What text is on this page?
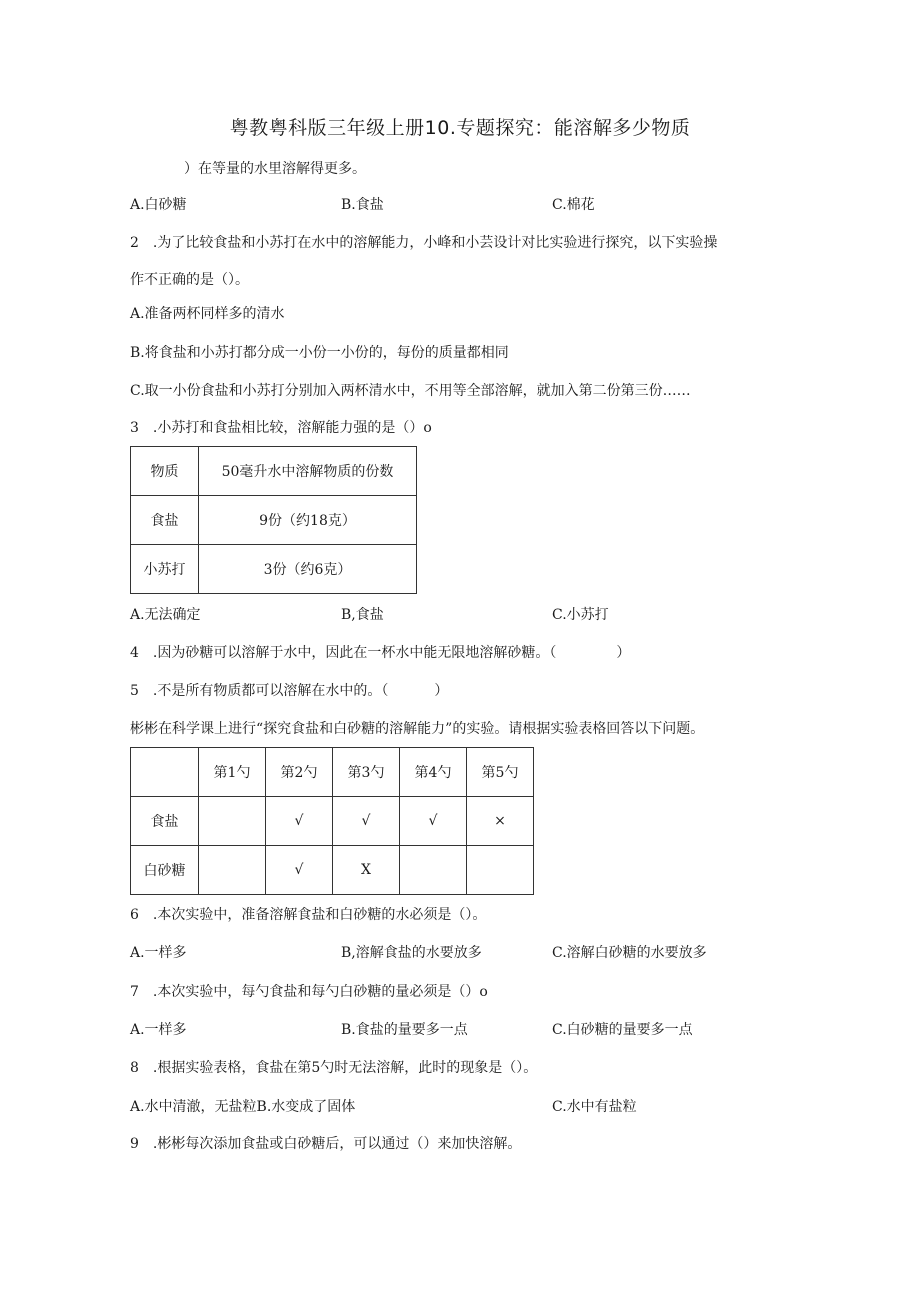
粤教粤科版三年级上册10.专题探究：能溶解多少物质
）在等量的水里溶解得更多。
A.白砂糖	B.食盐	C.棉花
2　.为了比较食盐和小苏打在水中的溶解能力，小峰和小芸设计对比实验进行探究，以下实验操
作不正确的是（）。
A.准备两杯同样多的清水
B.将食盐和小苏打都分成一小份一小份的，每份的质量都相同
C.取一小份食盐和小苏打分别加入两杯清水中，不用等全部溶解，就加入第二份第三份……
3　.小苏打和食盐相比较，溶解能力强的是（）o
物质	50毫升水中溶解物质的份数
食盐	9份（约18克）
小苏打	3份（约6克）
A.无法确定	B,食盐	C.小苏打
4　.因为砂糖可以溶解于水中，因此在一杯水中能无限地溶解砂糖。（	）
5　.不是所有物质都可以溶解在水中的。（	）
彬彬在科学课上进行“探究食盐和白砂糖的溶解能力”的实验。请根据实验表格回答以下问题。
	第1勺	第2勺	第3勺	第4勺	第5勺
食盐		√	√	√	×
白砂糖		√	X		
6　.本次实验中，准备溶解食盐和白砂糖的水必须是（）。
A.一样多	B,溶解食盐的水要放多	C.溶解白砂糖的水要放多
7　.本次实验中，每勺食盐和每勺白砂糖的量必须是（）o
A.一样多	B.食盐的量要多一点	C.白砂糖的量要多一点
8　.根据实验表格，食盐在第5勺时无法溶解，此时的现象是（）。
A.水中清澈，无盐粒B.水变成了固体	C.水中有盐粒
9　.彬彬每次添加食盐或白砂糖后，可以通过（）来加快溶解。
